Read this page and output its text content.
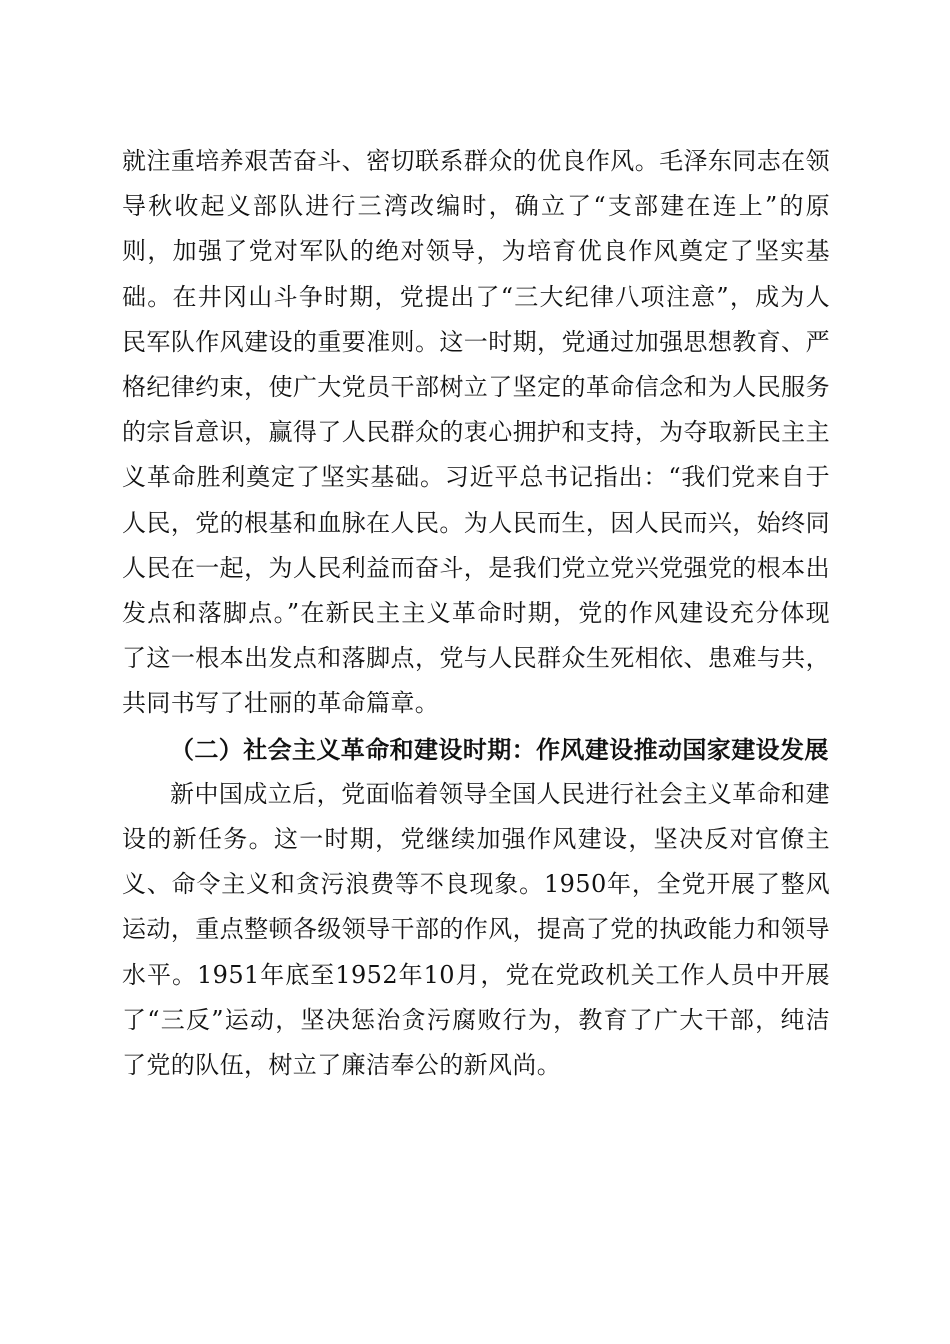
就注重培养艰苦奋斗、密切联系群众的优良作风。毛泽东同志在领导秋收起义部队进行三湾改编时，确立了“支部建在连上”的原则，加强了党对军队的绝对领导，为培育优良作风奠定了坚实基础。在井冈山斗争时期，党提出了“三大纪律八项注意”，成为人民军队作风建设的重要准则。这一时期，党通过加强思想教育、严格纪律约束，使广大党员干部树立了坚定的革命信念和为人民服务的宗旨意识，赢得了人民群众的衷心拥护和支持，为夺取新民主主义革命胜利奠定了坚实基础。习近平总书记指出：“我们党来自于人民，党的根基和血脉在人民。为人民而生，因人民而兴，始终同人民在一起，为人民利益而奋斗，是我们党立党兴党强党的根本出发点和落脚点。”在新民主主义革命时期，党的作风建设充分体现了这一根本出发点和落脚点，党与人民群众生死相依、患难与共，共同书写了壮丽的革命篇章。

（二）社会主义革命和建设时期：作风建设推动国家建设发展

新中国成立后，党面临着领导全国人民进行社会主义革命和建设的新任务。这一时期，党继续加强作风建设，坚决反对官僚主义、命令主义和贪污浪费等不良现象。1950年，全党开展了整风运动，重点整顿各级领导干部的作风，提高了党的执政能力和领导水平。1951年底至1952年10月，党在党政机关工作人员中开展了“三反”运动，坚决惩治贪污腐败行为，教育了广大干部，纯洁了党的队伍，树立了廉洁奉公的新风尚。
